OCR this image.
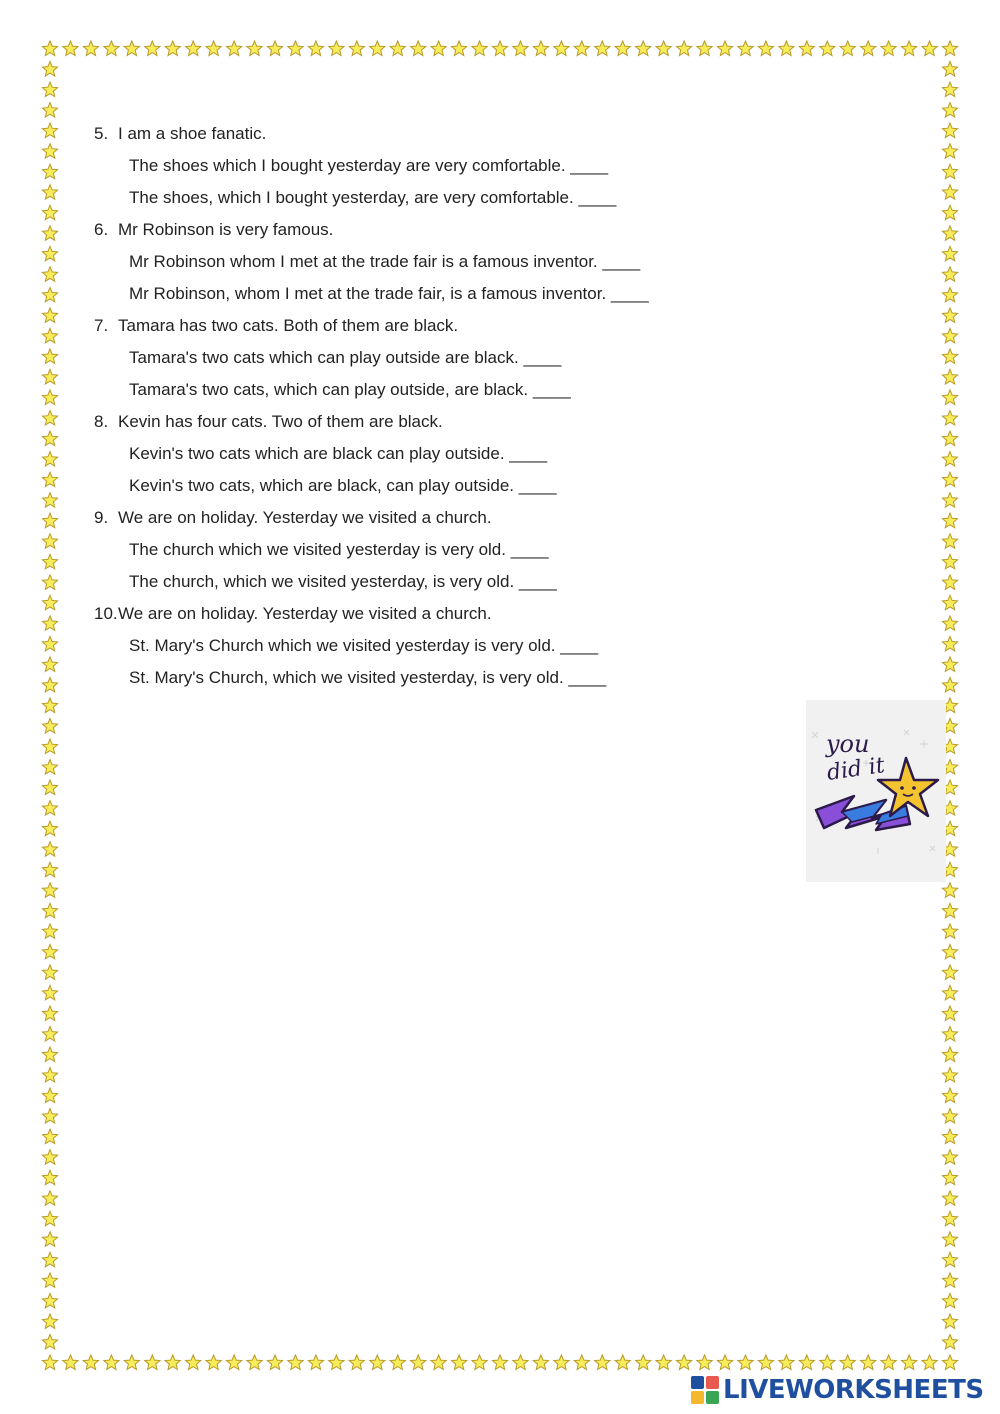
5. I am a shoe fanatic.
The shoes which I bought yesterday are very comfortable. ____
The shoes, which I bought yesterday, are very comfortable. ____
6. Mr Robinson is very famous.
Mr Robinson whom I met at the trade fair is a famous inventor. ____
Mr Robinson, whom I met at the trade fair, is a famous inventor. ____
7. Tamara has two cats. Both of them are black.
Tamara's two cats which can play outside are black. ____
Tamara's two cats, which can play outside, are black. ____
8. Kevin has four cats. Two of them are black.
Kevin's two cats which are black can play outside. ____
Kevin's two cats, which are black, can play outside. ____
9. We are on holiday. Yesterday we visited a church.
The church which we visited yesterday is very old. ____
The church, which we visited yesterday, is very old. ____
10.We are on holiday. Yesterday we visited a church.
St. Mary's Church which we visited yesterday is very old. ____
St. Mary's Church, which we visited yesterday, is very old. ____
you
did it
LIVEWORKSHEETS
